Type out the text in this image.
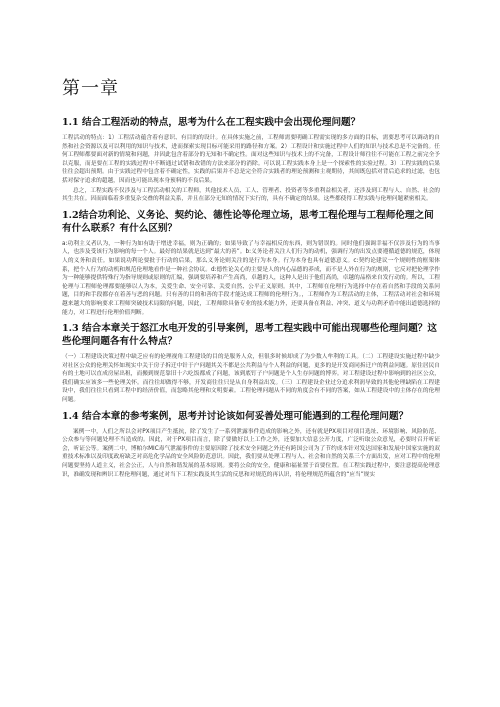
第一章
1.1 结合工程活动的特点，思考为什么在工程实践中会出现伦理问题？

工程活动的特点：1）工程活动蕴含着有意识、有目的的设计。在具体实施之前，工程师需要明确工程需实现的多方面的目标，需要思考可以调动的自然和社会资源以及可以利用的知识与技术，进而探索实现目标可能采用的路径和方案。2）工程设计和实施过程中人们的知识与技术总是不完备的。任何工程师都要面对新的情境和问题，并因此包含着部分的无知和不确定性。面对这些知识与技术上的不完备，工程设计师往往不可能在工程之前完全予以克服，而是要在工程的实践过程中不断通过试错和改错的方法来部分的消除。可以说工程实践本身上是一个探索性的实验过程。3）工程实践的后果往往会超出预期。由于实践过程中包含着不确定性，实践的后果并不总是完全符合实践者的理论预测和主观期待，其间既包括对背后追求的过滤，也包括对保守追求的超越，因而也可能出现本身预料的不良后果。

总之，工程实践不仅涉及与工程活动相关的工程师，其他技术人员、工人、管理者、投资者等多重利益相关者，还涉及到工程与人、自然、社会的其生共在。因而面临着多重复杂交叠的利益关系，并且在部分无知的情况下实行的，具有不确定的结果。这些都使得工程实践与伦理问题紧密相关。

1.2结合功利论、义务论、契约论、德性论等伦理立场，思考工程伦理与工程师伦理之间有什么联系？有什么区别？

a:功利主义者认为，一种行为如有助于增进幸福，则为正确的；如果导致了与幸福相反的东西，则为错误的。同时他们强调幸福不仅涉及行为的当事人，也涉及受该行为影响的每一个人。最好的结果就是达到“最大的善”。b:义务论者关注人们行为的动机，强调行为的出发点要遵循道德的规范，体现人的义务和责任。如果说功利论要批于行动的后果，那么义务论则关注的是行为本身。行为本身也具有道德意义。c:契约论建议一个规则性的框架体系，把个人行为的动机和规范伦理地看作是一种社会协议。d:德性论关心的主要是人的内心品德的养成，而不是人外在行为的规则，它反对把伦理学作为一种能够提供特殊行为指导规则或原则的汇编，强调要培养和产生高尚，卓越的人，这种人是出于他们高尚，卓越的品格来自发行动的。所以，工程伦理与工程师伦理都要能够以人为本，关爱生命、安全可靠、关爱自然、公平正义原则。其中，工程师在伦理行为选择中存在着自然和手段的关系问题，目的和手段都存在着善与恶的问题。只有善的目的和善的手段才能达成工程师的伦理行为。，工程师作为工程活动的主体，工程活动对社会和环境越来越大的影响要求工程师突破技术局限的问题，因此，工程师除具备专业的技术能力外，还要具备在利益、冲突、道义与功利矛盾中能出道德选择的能力，对工程进行伦理价值判断。

1.3 结合本章关于怒江水电开发的引导案例，思考工程实践中可能出现哪些伦理问题？这些伦理问题各有什么特点？

（一）工程建设决策过程中缺乏应有的伦理视角工程建设的目的是服务人众，但很多时候却成了为少数人牟利的工具。（二）工程建设实施过程中缺少对社区公众的伦理关怀如现实中关于房子拆迁中针于户问题其关不都是公共利益与个人利益的问题，更多的是开发商同拆迁户的利益问题。原住居民自有的土地可以直成房屋出租，而搬到规范靠旧十六吃饭都成了问题，该到底钉子户问题是个人生存问题的博弈。对工程建设过程中影响到的社区公众，我们确实应该多一些伦理关怀。而往往却做得不够，开发商往往只是从自身利益出发。（三）工程建设企业过分追求利润导致的其他伦理缺陷在工程建设中，我们往往只看到工程中的经济价值，而忽略其伦理和文明要素。工程伦理问题从不同的角度会有不同的答案，如从工程建设中的主体存在的伦理问题。

1.4 结合本章的参考案例，思考并讨论该如何妥善处理可能遇到的工程伦理问题？

案例一中，人们之所以会对PX项目产生抵抗，除了发生了一系列泄露事件造成的影响之外，还有就是PX项目对项目选址、环境影响、风险防范、公众参与等问题处理不当造成的。因此，对于PX项目而言，除了要做好以上工作之外，还要加大信息公开力度，广泛听取公众意见，必要时召开听证会，听证公等。案例二中，博帕尔MIC毒气泄漏事件的主要原因除了技术安全问题之外还有跨国公司为了节约成本针对发达国家和发展中国家实施的双重技术标准以及印度政府缺乏对高危化学品的安全风险防范意识。因此，我们要从处理工程与人、社会和自然的关系三个方面出发，应对工程中的伦理问题要坚持人道主义，社会公正，人与自然和谐发展的基本原则。要将公众的安全，健康和福祉置于首要位置。在工程实践过程中，要注意提高伦理意识，准确发现和辨识工程伦理问题，通过对当下工程实践及其生活的反思和对规范的再认识，将伦理规范所蕴含的“应当”规实
